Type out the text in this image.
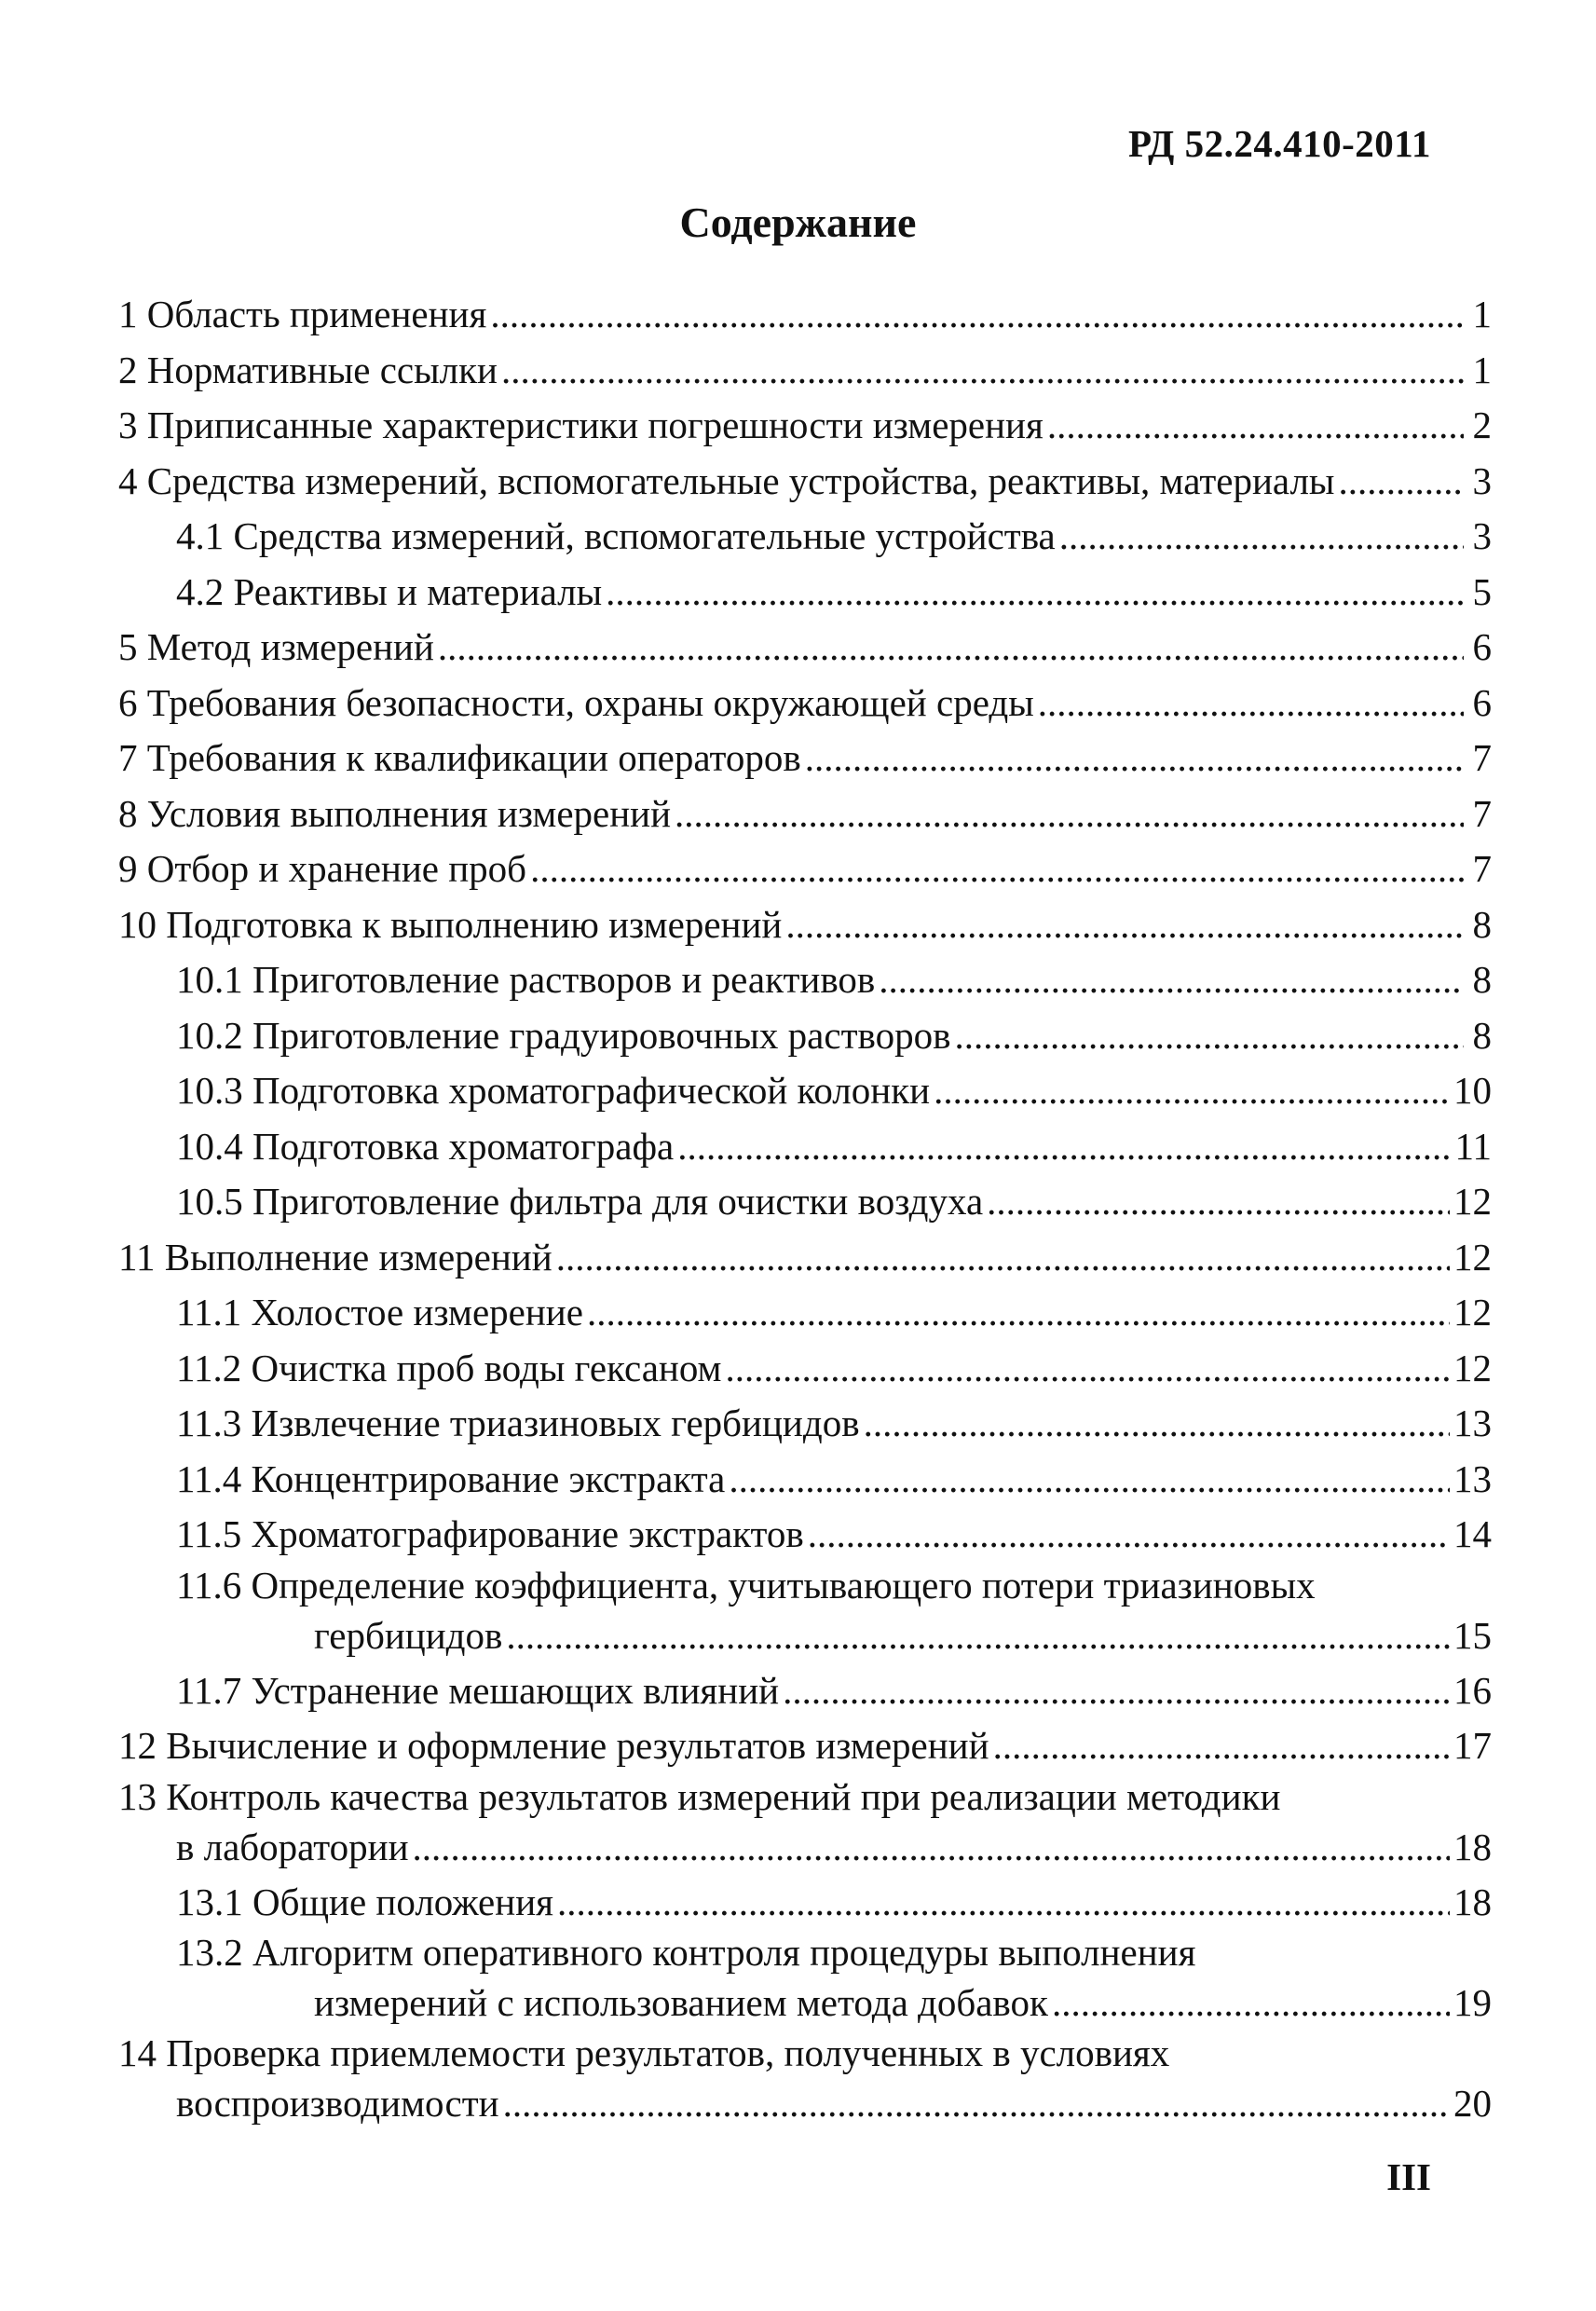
РД 52.24.410-2011
Содержание
1 Область применения .....	1
2 Нормативные ссылки .....	1
3 Приписанные характеристики погрешности измерения .....	2
4 Средства измерений, вспомогательные устройства, реактивы, материалы .....	3
4.1 Средства измерений, вспомогательные устройства .....	3
4.2 Реактивы и материалы .....	5
5 Метод измерений .....	6
6 Требования безопасности, охраны окружающей среды .....	6
7 Требования к квалификации операторов .....	7
8 Условия выполнения измерений .....	7
9 Отбор и хранение проб .....	7
10 Подготовка к выполнению измерений .....	8
10.1 Приготовление растворов и реактивов .....	8
10.2 Приготовление градуировочных растворов .....	8
10.3 Подготовка хроматографической колонки .....	10
10.4 Подготовка хроматографа .....	11
10.5 Приготовление фильтра для очистки воздуха .....	12
11 Выполнение измерений .....	12
11.1 Холостое измерение .....	12
11.2 Очистка проб воды гексаном .....	12
11.3 Извлечение триазиновых гербицидов .....	13
11.4 Концентрирование экстракта .....	13
11.5 Хроматографирование экстрактов .....	14
11.6 Определение коэффициента, учитывающего потери триазиновых
гербицидов .....	15
11.7 Устранение мешающих влияний .....	16
12 Вычисление и оформление результатов измерений .....	17
13 Контроль качества результатов измерений при реализации методики
в лаборатории .....	18
13.1 Общие положения .....	18
13.2 Алгоритм оперативного контроля процедуры выполнения
измерений с использованием метода добавок .....	19
14 Проверка приемлемости результатов, полученных в условиях
воспроизводимости .....	20
III
